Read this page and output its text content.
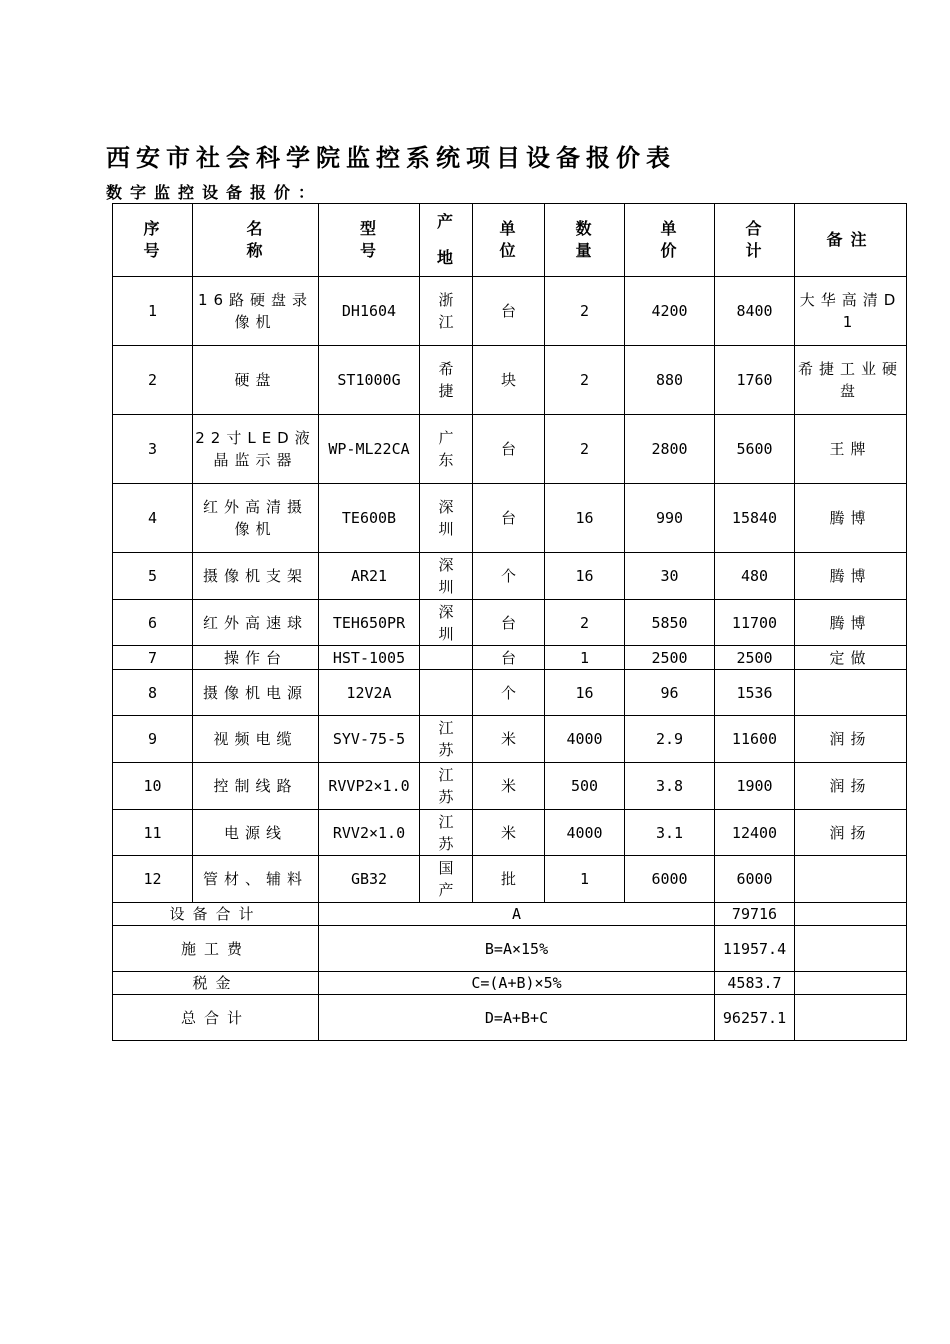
西安市社会科学院监控系统项目设备报价表
数字监控设备报价：
序号	名称	型号	产地	单位	数量	单价	合计	备注
1	16路硬盘录像机	DH1604	浙江	台	2	4200	8400	大华高清D1
2	硬盘	ST1000G	希捷	块	2	880	1760	希捷工业硬盘
3	22寸LED液晶监示器	WP-ML22CA	广东	台	2	2800	5600	王牌
4	红外高清摄像机	TE600B	深圳	台	16	990	15840	腾博
5	摄像机支架	AR21	深圳	个	16	30	480	腾博
6	红外高速球	TEH650PR	深圳	台	2	5850	11700	腾博
7	操作台	HST-1005		台	1	2500	2500	定做
8	摄像机电源	12V2A		个	16	96	1536	
9	视频电缆	SYV-75-5	江苏	米	4000	2.9	11600	润扬
10	控制线路	RVVP2×1.0	江苏	米	500	3.8	1900	润扬
11	电源线	RVV2×1.0	江苏	米	4000	3.1	12400	润扬
12	管材、辅料	GB32	国产	批	1	6000	6000	
设备合计		A					79716	
施工费		B=A×15%					11957.4	
税金		C=(A+B)×5%					4583.7	
总合计		D=A+B+C					96257.1	
